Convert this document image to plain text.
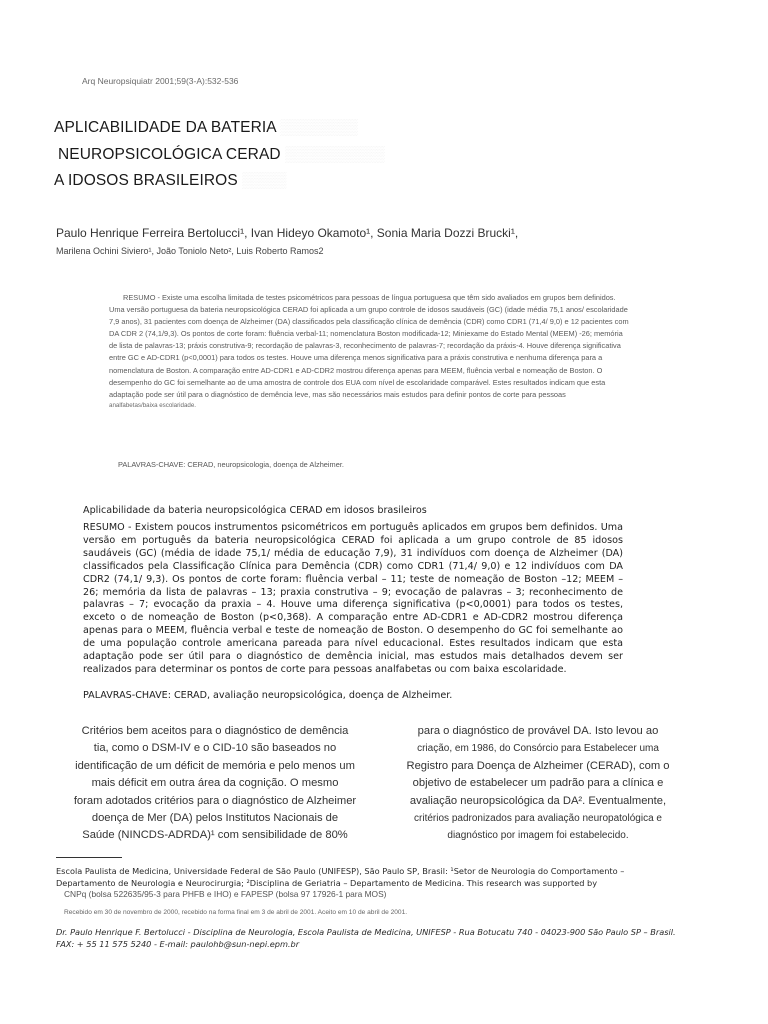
Arq Neuropsiquiatr 2001;59(3-A):532-536
APLICABILIDADE DA BATERIA ▒▒▒▒▒▒▒
NEUROPSICOLÓGICA CERAD ▒▒▒▒▒▒▒▒▒
A IDOSOS BRASILEIROS ▒▒▒▒
Paulo Henrique Ferreira Bertolucci¹, Ivan Hideyo Okamoto¹, Sonia Maria Dozzi Brucki¹,
Marilena Ochini Siviero¹, João Toniolo Neto², Luis Roberto Ramos2
RESUMO - Existe uma escolha limitada de testes psicométricos para pessoas de língua portuguesa que têm sido avaliados em grupos bem definidos. Uma versão portuguesa da bateria neuropsicológica CERAD foi aplicada a um grupo controle de idosos saudáveis (GC) (idade média 75,1 anos/ escolaridade 7,9 anos), 31 pacientes com doença de Alzheimer (DA) classificados pela classificação clínica de demência (CDR) como CDR1 (71,4/ 9,0) e 12 pacientes com DA CDR 2 (74,1/9,3). Os pontos de corte foram: fluência verbal-11; nomenclatura Boston modificada-12; Miniexame do Estado Mental (MEEM) -26; memória de lista de palavras-13; práxis construtiva-9; recordação de palavras-3, reconhecimento de palavras-7; recordação da práxis-4. Houve diferença significativa entre GC e AD-CDR1 (p<0,0001) para todos os testes. Houve uma diferença menos significativa para a práxis construtiva e nenhuma diferença para a nomenclatura de Boston. A comparação entre AD-CDR1 e AD-CDR2 mostrou diferença apenas para MEEM, fluência verbal e nomeação de Boston. O desempenho do GC foi semelhante ao de uma amostra de controle dos EUA com nível de escolaridade comparável. Estes resultados indicam que esta adaptação pode ser útil para o diagnóstico de demência leve, mas são necessários mais estudos para definir pontos de corte para pessoas
analfabetas/baixa escolaridade.
PALAVRAS-CHAVE: CERAD, neuropsicologia, doença de Alzheimer.
Aplicabilidade da bateria neuropsicológica CERAD em idosos brasileiros
RESUMO - Existem poucos instrumentos psicométricos em português aplicados em grupos bem definidos. Uma versão em português da bateria neuropsicológica CERAD foi aplicada a um grupo controle de 85 idosos saudáveis (GC) (média de idade 75,1/ média de educação 7,9), 31 indivíduos com doença de Alzheimer (DA) classificados pela Classificação Clínica para Demência (CDR) como CDR1 (71,4/ 9,0) e 12 indivíduos com DA CDR2 (74,1/ 9,3). Os pontos de corte foram: fluência verbal – 11; teste de nomeação de Boston –12; MEEM – 26; memória da lista de palavras – 13; praxia construtiva – 9; evocação de palavras – 3; reconhecimento de palavras – 7; evocação da praxia – 4. Houve uma diferença significativa (p<0,0001) para todos os testes, exceto o de nomeação de Boston (p<0,368). A comparação entre AD-CDR1 e AD-CDR2 mostrou diferença apenas para o MEEM, fluência verbal e teste de nomeação de Boston. O desempenho do GC foi semelhante ao de uma população controle americana pareada para nível educacional. Estes resultados indicam que esta adaptação pode ser útil para o diagnóstico de demência inicial, mas estudos mais detalhados devem ser realizados para determinar os pontos de corte para pessoas analfabetas ou com baixa escolaridade.
PALAVRAS-CHAVE: CERAD, avaliação neuropsicológica, doença de Alzheimer.
Critérios bem aceitos para o diagnóstico de demência
tia, como o DSM-IV e o CID-10 são baseados no
identificação de um déficit de memória e pelo menos um
mais déficit em outra área da cognição. O mesmo
foram adotados critérios para o diagnóstico de Alzheimer
doença de Mer (DA) pelos Institutos Nacionais de
Saúde (NINCDS-ADRDA)¹ com sensibilidade de 80%
para o diagnóstico de provável DA. Isto levou ao
criação, em 1986, do Consórcio para Estabelecer uma
Registro para Doença de Alzheimer (CERAD), com o
objetivo de estabelecer um padrão para a clínica e
avaliação neuropsicológica da DA². Eventualmente,
critérios padronizados para avaliação neuropatológica e
diagnóstico por imagem foi estabelecido.
Escola Paulista de Medicina, Universidade Federal de São Paulo (UNIFESP), São Paulo SP, Brasil: ¹Setor de Neurologia do Comportamento – Departamento de Neurologia e Neurocirurgia; ²Disciplina de Geriatria – Departamento de Medicina. This research was supported by
CNPq (bolsa 522635/95-3 para PHFB e IHO) e FAPESP (bolsa 97 17926-1 para MOS)
Recebido em 30 de novembro de 2000, recebido na forma final em 3 de abril de 2001. Aceito em 10 de abril de 2001.
Dr. Paulo Henrique F. Bertolucci - Disciplina de Neurologia, Escola Paulista de Medicina, UNIFESP - Rua Botucatu 740 - 04023-900 São Paulo SP – Brasil. FAX: + 55 11 575 5240 - E-mail: paulohb@sun-nepi.epm.br
